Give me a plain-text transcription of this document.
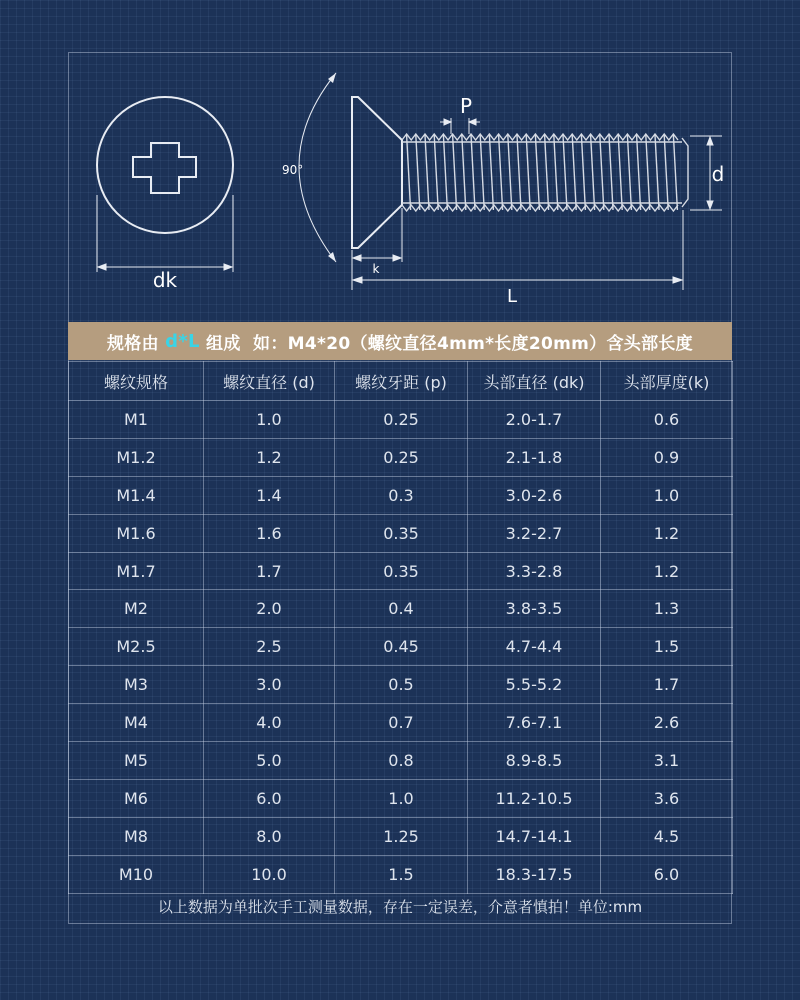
dk
90°
P
d
k
L
规格由 d*L 组成  如：M4*20（螺纹直径4mm*长度20mm）含头部长度
螺纹规格	螺纹直径 (d)	螺纹牙距 (p)	头部直径 (dk)	头部厚度(k)
M1	1.0	0.25	2.0-1.7	0.6
M1.2	1.2	0.25	2.1-1.8	0.9
M1.4	1.4	0.3	3.0-2.6	1.0
M1.6	1.6	0.35	3.2-2.7	1.2
M1.7	1.7	0.35	3.3-2.8	1.2
M2	2.0	0.4	3.8-3.5	1.3
M2.5	2.5	0.45	4.7-4.4	1.5
M3	3.0	0.5	5.5-5.2	1.7
M4	4.0	0.7	7.6-7.1	2.6
M5	5.0	0.8	8.9-8.5	3.1
M6	6.0	1.0	11.2-10.5	3.6
M8	8.0	1.25	14.7-14.1	4.5
M10	10.0	1.5	18.3-17.5	6.0
以上数据为单批次手工测量数据，存在一定误差，介意者慎拍！单位:mm
